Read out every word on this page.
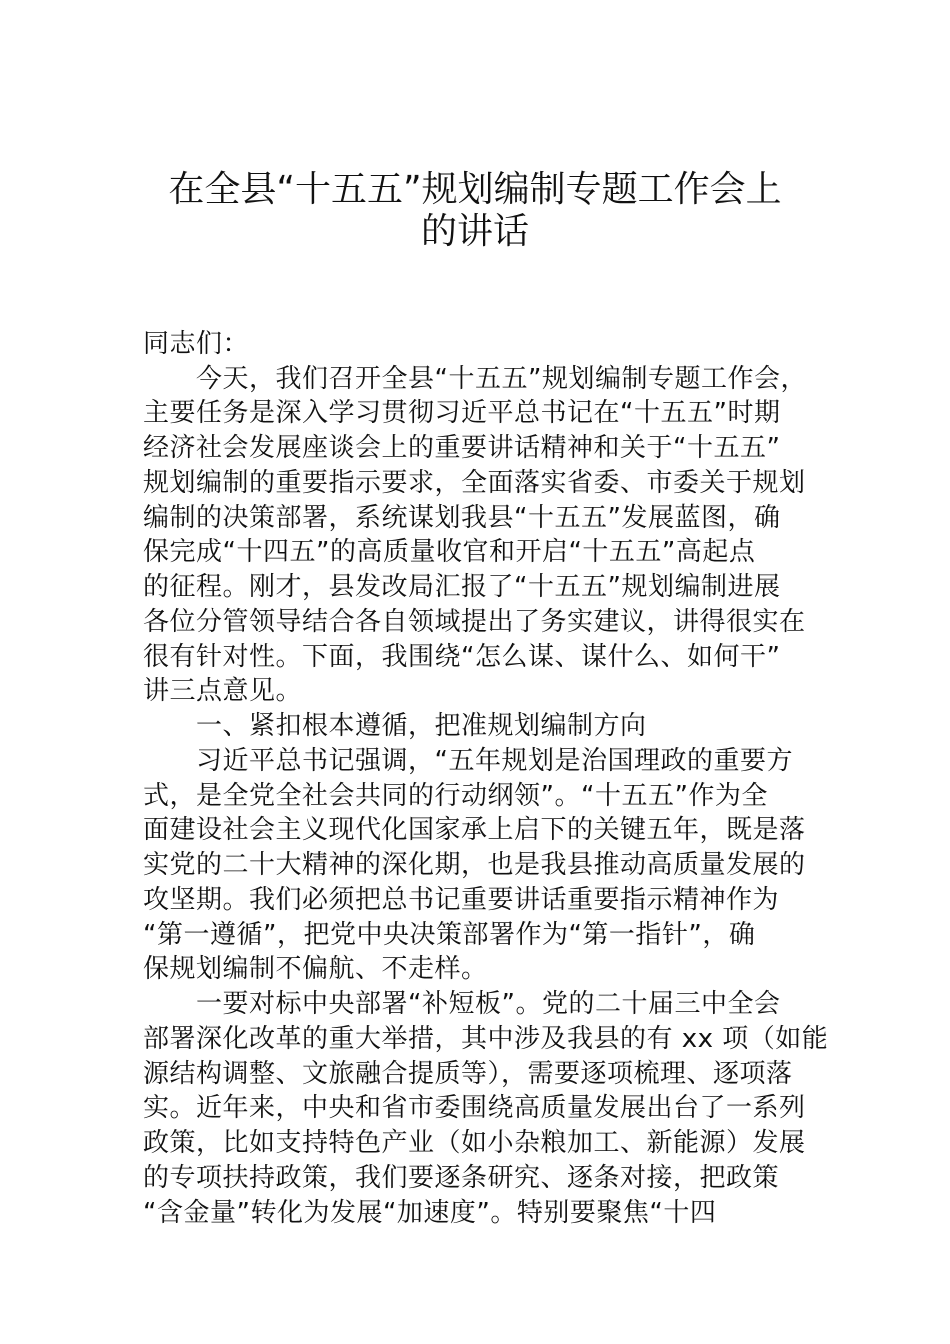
在全县“十五五”规划编制专题工作会上
的讲话
同志们：
　　今天，我们召开全县“十五五”规划编制专题工作会，
主要任务是深入学习贯彻习近平总书记在“十五五”时期
经济社会发展座谈会上的重要讲话精神和关于“十五五”
规划编制的重要指示要求，全面落实省委、市委关于规划
编制的决策部署，系统谋划我县“十五五”发展蓝图，确
保完成“十四五”的高质量收官和开启“十五五”高起点
的征程。刚才，县发改局汇报了“十五五”规划编制进展
各位分管领导结合各自领域提出了务实建议，讲得很实在
很有针对性。下面，我围绕“怎么谋、谋什么、如何干”
讲三点意见。
　　一、紧扣根本遵循，把准规划编制方向
　　习近平总书记强调，“五年规划是治国理政的重要方
式，是全党全社会共同的行动纲领”。“十五五”作为全
面建设社会主义现代化国家承上启下的关键五年，既是落
实党的二十大精神的深化期，也是我县推动高质量发展的
攻坚期。我们必须把总书记重要讲话重要指示精神作为
“第一遵循”，把党中央决策部署作为“第一指针”，确
保规划编制不偏航、不走样。
　　一要对标中央部署“补短板”。党的二十届三中全会
部署深化改革的重大举措，其中涉及我县的有 xx 项（如能
源结构调整、文旅融合提质等），需要逐项梳理、逐项落
实。近年来，中央和省市委围绕高质量发展出台了一系列
政策，比如支持特色产业（如小杂粮加工、新能源）发展
的专项扶持政策，我们要逐条研究、逐条对接，把政策
“含金量”转化为发展“加速度”。特别要聚焦“十四
